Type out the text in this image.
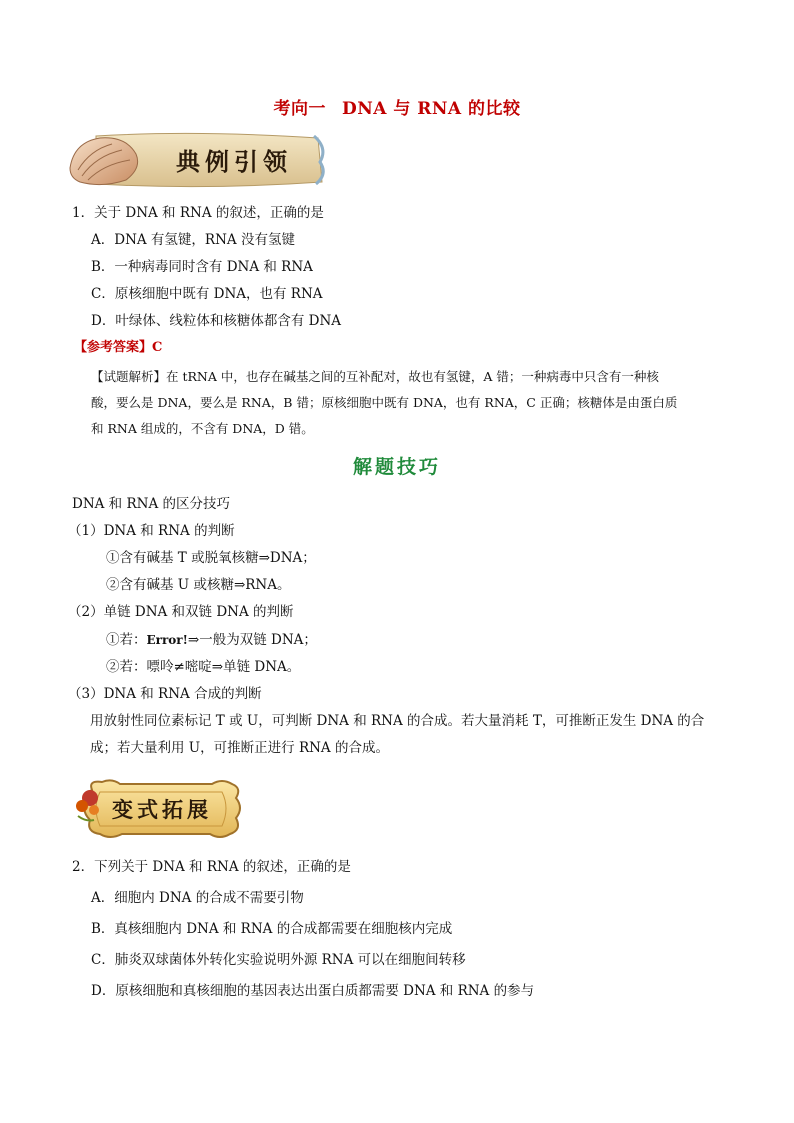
考向一 DNA 与 RNA 的比较
典例引领
1．关于 DNA 和 RNA 的叙述，正确的是
A．DNA 有氢键，RNA 没有氢键
B．一种病毒同时含有 DNA 和 RNA
C．原核细胞中既有 DNA，也有 RNA
D．叶绿体、线粒体和核糖体都含有 DNA
【参考答案】C
【试题解析】在 tRNA 中，也存在碱基之间的互补配对，故也有氢键，A 错；一种病毒中只含有一种核
酸，要么是 DNA，要么是 RNA，B 错；原核细胞中既有 DNA，也有 RNA，C 正确；核糖体是由蛋白质
和 RNA 组成的，不含有 DNA，D 错。
解题技巧
DNA 和 RNA 的区分技巧
（1）DNA 和 RNA 的判断
①含有碱基 T 或脱氧核糖⇒DNA；
②含有碱基 U 或核糖⇒RNA。
（2）单链 DNA 和双链 DNA 的判断
①若：Error!⇒一般为双链 DNA；
②若：嘌呤≠嘧啶⇒单链 DNA。
（3）DNA 和 RNA 合成的判断
用放射性同位素标记 T 或 U，可判断 DNA 和 RNA 的合成。若大量消耗 T，可推断正发生 DNA 的合
成；若大量利用 U，可推断正进行 RNA 的合成。
变式拓展
2．下列关于 DNA 和 RNA 的叙述，正确的是
A．细胞内 DNA 的合成不需要引物
B．真核细胞内 DNA 和 RNA 的合成都需要在细胞核内完成
C．肺炎双球菌体外转化实验说明外源 RNA 可以在细胞间转移
D．原核细胞和真核细胞的基因表达出蛋白质都需要 DNA 和 RNA 的参与
